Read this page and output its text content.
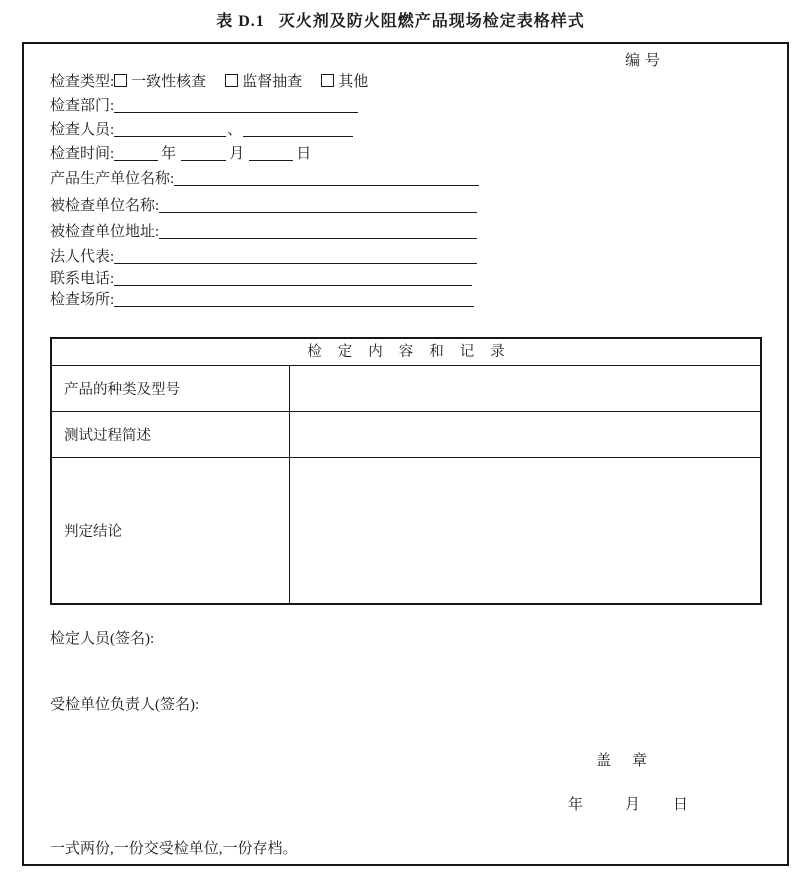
表 D.1 灭火剂及防火阻燃产品现场检定表格样式
编号
检查类型: 一致性核查 监督抽查 其他
检查部门:
检查人员:	、
检查时间:	年	月	日
产品生产单位名称:
被检查单位名称:
被检查单位地址:
法人代表:
联系电话:
检查场所:
检定内容和记录
产品的种类及型号
测试过程简述
判定结论
检定人员(签名):
受检单位负责人(签名):
盖章
年	月 日
一式两份,一份交受检单位,一份存档。
